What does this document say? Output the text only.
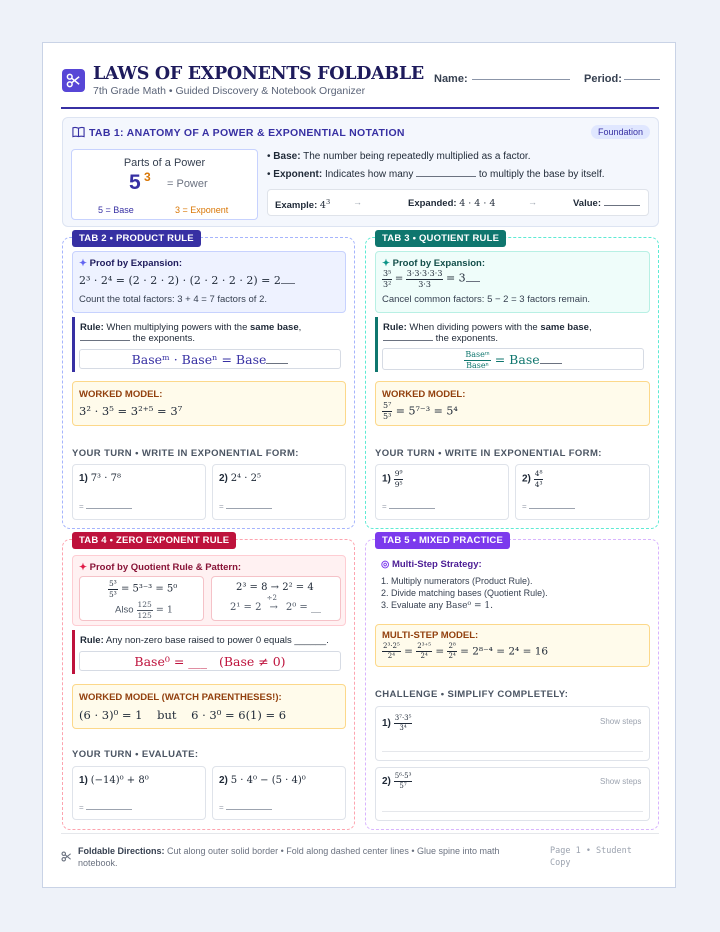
LAWS OF EXPONENTS FOLDABLE
7th Grade Math • Guided Discovery & Notebook Organizer
Name:	Period:
TAB 1: ANATOMY OF A POWER & EXPONENTIAL NOTATION	Foundation
Parts of a Power
5 3 = Power
5 = Base	3 = Exponent
• Base: The number being repeatedly multiplied as a factor.
• Exponent: Indicates how many	to multiply the base by itself.
Example: $4^3$	→	Expanded: 4 · 4 · 4	→	Value:
TAB 2 • PRODUCT RULE
✦ Proof by Expansion:
2³ · 2⁴ = (2 · 2 · 2) · (2 · 2 · 2 · 2) = 2
Count the total factors: 3 + 4 = 7 factors of 2.
Rule: When multiplying powers with the same base,
the exponents.
Baseᵐ · Baseⁿ = Base
WORKED MODEL:
3² · 3⁵ = 3²⁺⁵ = 3⁷
YOUR TURN • WRITE IN EXPONENTIAL FORM:
1) 7³ · 7⁸
=
2) 2⁴ · 2⁵
=
TAB 3 • QUOTIENT RULE
✦ Proof by Expansion:
$\frac{\text{3⁵}}{\text{3²}} = \frac{3\cdot 3\cdot 3\cdot 3\cdot 3}{3\cdot 3} = 3$
Cancel common factors: 5 − 2 = 3 factors remain.
Rule: When dividing powers with the same base,
the exponents.
$\frac{\text{Baseᵐ}}{\text{Baseⁿ}}$ = Base
WORKED MODEL:
$\frac{\text{5⁷}}{\text{5³}} = 5^{7-3} = 5^4$
YOUR TURN • WRITE IN EXPONENTIAL FORM:
$1) \frac{\text{9⁹}}{\text{9⁵}}$
=
$2) \frac{\text{4⁸}}{\text{4³}}$
=
TAB 4 • ZERO EXPONENT RULE
✦ Proof by Quotient Rule & Pattern:
$\frac{\text{5³}}{\text{5³}} = 5^{3-3} = 5^0$
Also $\frac{125}{125} = 1$
2³ = 8 → 2² = 4
2¹ = 2 →
÷2
2⁰ = __
Rule: Any non-zero base raised to power 0 equals ______.
Base⁰ = ___ (Base ≠ 0)
WORKED MODEL (WATCH PARENTHESES!):
(6 · 3)⁰ = 1 but 6 · 3⁰ = 6(1) = 6
YOUR TURN • EVALUATE:
1) (−14)⁰ + 8⁰
=
2) 5 · 4⁰ − (5 · 4)⁰
=
TAB 5 • MIXED PRACTICE
◎ Multi-Step Strategy:
1. Multiply numerators (Product Rule).
2. Divide matching bases (Quotient Rule).
3. Evaluate any Base⁰ = 1.
MULTI-STEP MODEL:
$\frac{\text{2³·2⁵}}{\text{2⁴}} = \frac{\text{2³⁺⁵}}{\text{2⁴}} = \frac{\text{2⁸}}{\text{2⁴}} = 2^{8-4} = 2^4 = 16$
CHALLENGE • SIMPLIFY COMPLETELY:
$1) \frac{\text{3⁷·3⁵}}{\text{3⁴}}$	Show steps
$2) \frac{\text{5⁶·5³}}{\text{5⁷}}$	Show steps
Foldable Directions: Cut along outer solid border • Fold along dashed center lines • Glue spine into math notebook.
Page 1 • Student Copy
